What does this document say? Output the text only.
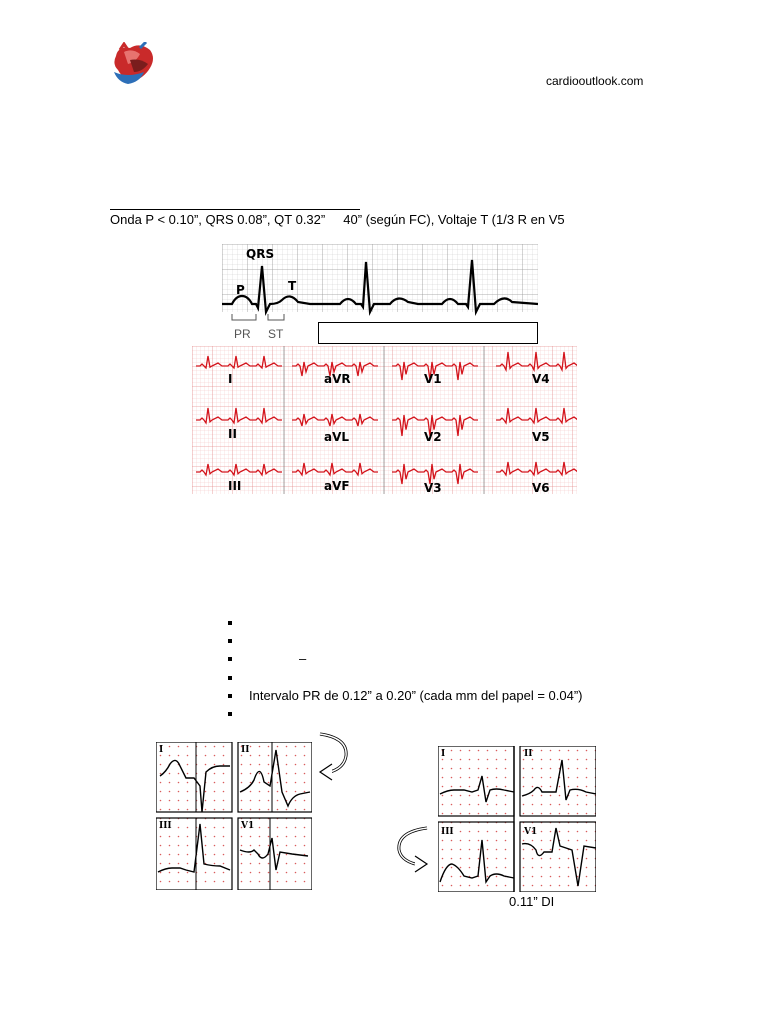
cardiooutlook.com
Onda P < 0.10”, QRS 0.08”, QT 0.32”     40” (según FC), Voltaje T (1/3 R en V5
QRS
P	T
PR ST
I	aVR	V1	V4
II	aVL	V2	V5
III	aVF	V3	V6
–
Intervalo PR de 0.12” a 0.20” (cada mm del papel = 0.04”)
I	II
III	V1
I	II
III	V1
0.11” DI
